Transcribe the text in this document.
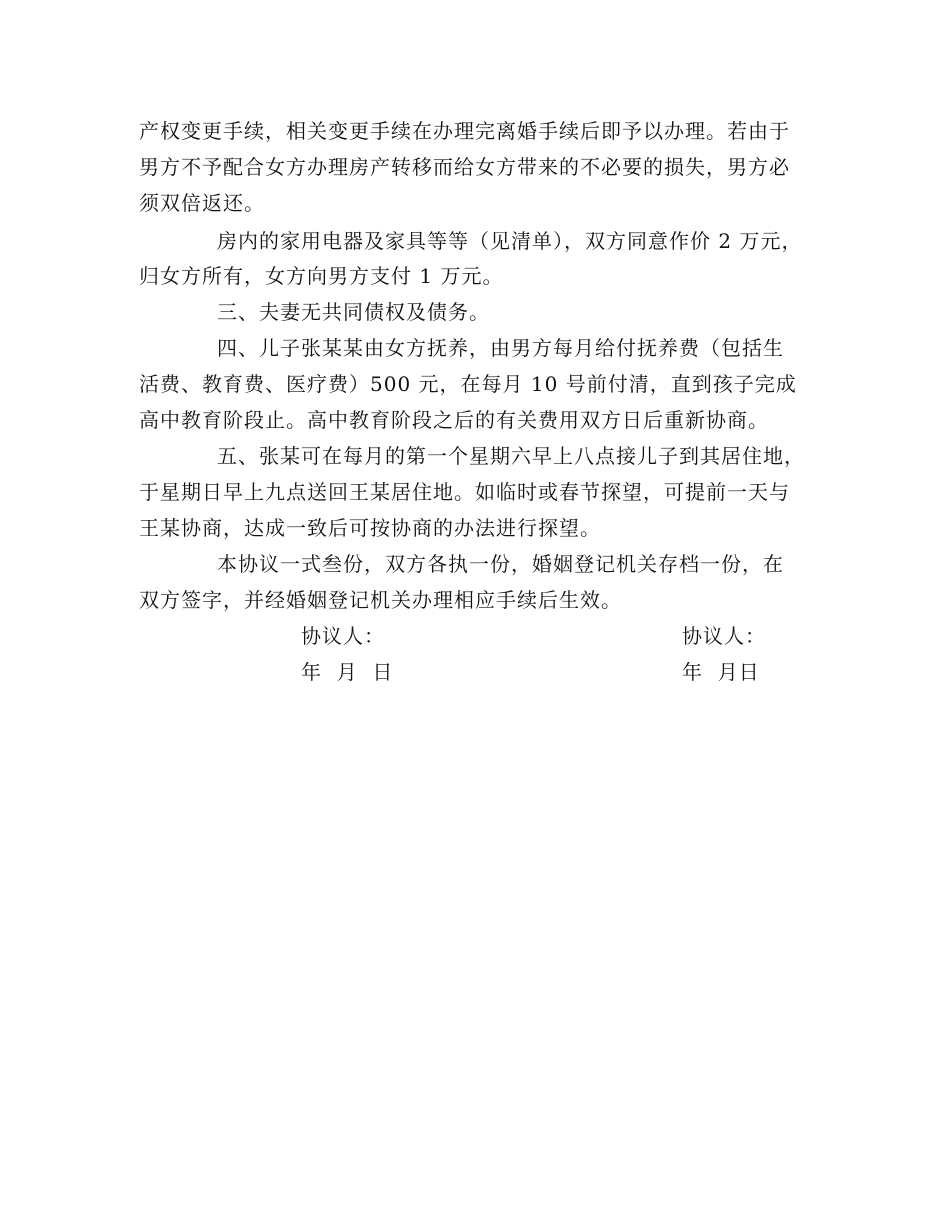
产权变更手续，相关变更手续在办理完离婚手续后即予以办理。若由于
男方不予配合女方办理房产转移而给女方带来的不必要的损失，男方必
须双倍返还。
房内的家用电器及家具等等（见清单），双方同意作价 2 万元，
归女方所有，女方向男方支付 1 万元。
三、夫妻无共同债权及债务。
四、儿子张某某由女方抚养，由男方每月给付抚养费（包括生
活费、教育费、医疗费）500 元，在每月 10 号前付清，直到孩子完成
高中教育阶段止。高中教育阶段之后的有关费用双方日后重新协商。
五、张某可在每月的第一个星期六早上八点接儿子到其居住地，
于星期日早上九点送回王某居住地。如临时或春节探望，可提前一天与
王某协商，达成一致后可按协商的办法进行探望。
本协议一式叁份，双方各执一份，婚姻登记机关存档一份，在
双方签字，并经婚姻登记机关办理相应手续后生效。
协议人：	协议人：
年  月  日	年  月日
